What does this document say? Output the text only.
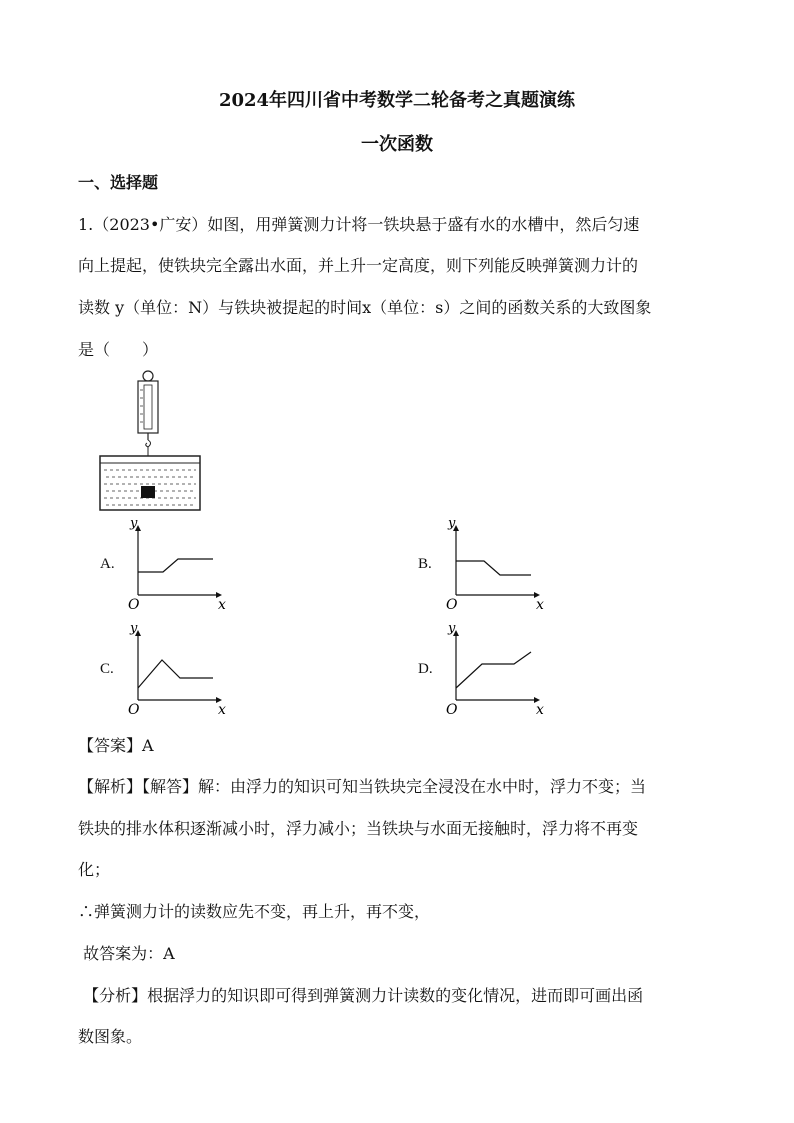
2024年四川省中考数学二轮备考之真题演练
一次函数
一、选择题
1.（2023•广安）如图，用弹簧测力计将一铁块悬于盛有水的水槽中，然后匀速
向上提起，使铁块完全露出水面，并上升一定高度，则下列能反映弹簧测力计的
读数 y（单位：N）与铁块被提起的时间x（单位：s）之间的函数关系的大致图象
是（　　）
A.
y
O	x
B.
y
O	x
C.
y
O	x
D.
y
O	x
【答案】A
【解析】【解答】解：由浮力的知识可知当铁块完全浸没在水中时，浮力不变；当
铁块的排水体积逐渐减小时，浮力减小；当铁块与水面无接触时，浮力将不再变
化；
∴弹簧测力计的读数应先不变，再上升，再不变，
故答案为：A
【分析】根据浮力的知识即可得到弹簧测力计读数的变化情况，进而即可画出函
数图象。
